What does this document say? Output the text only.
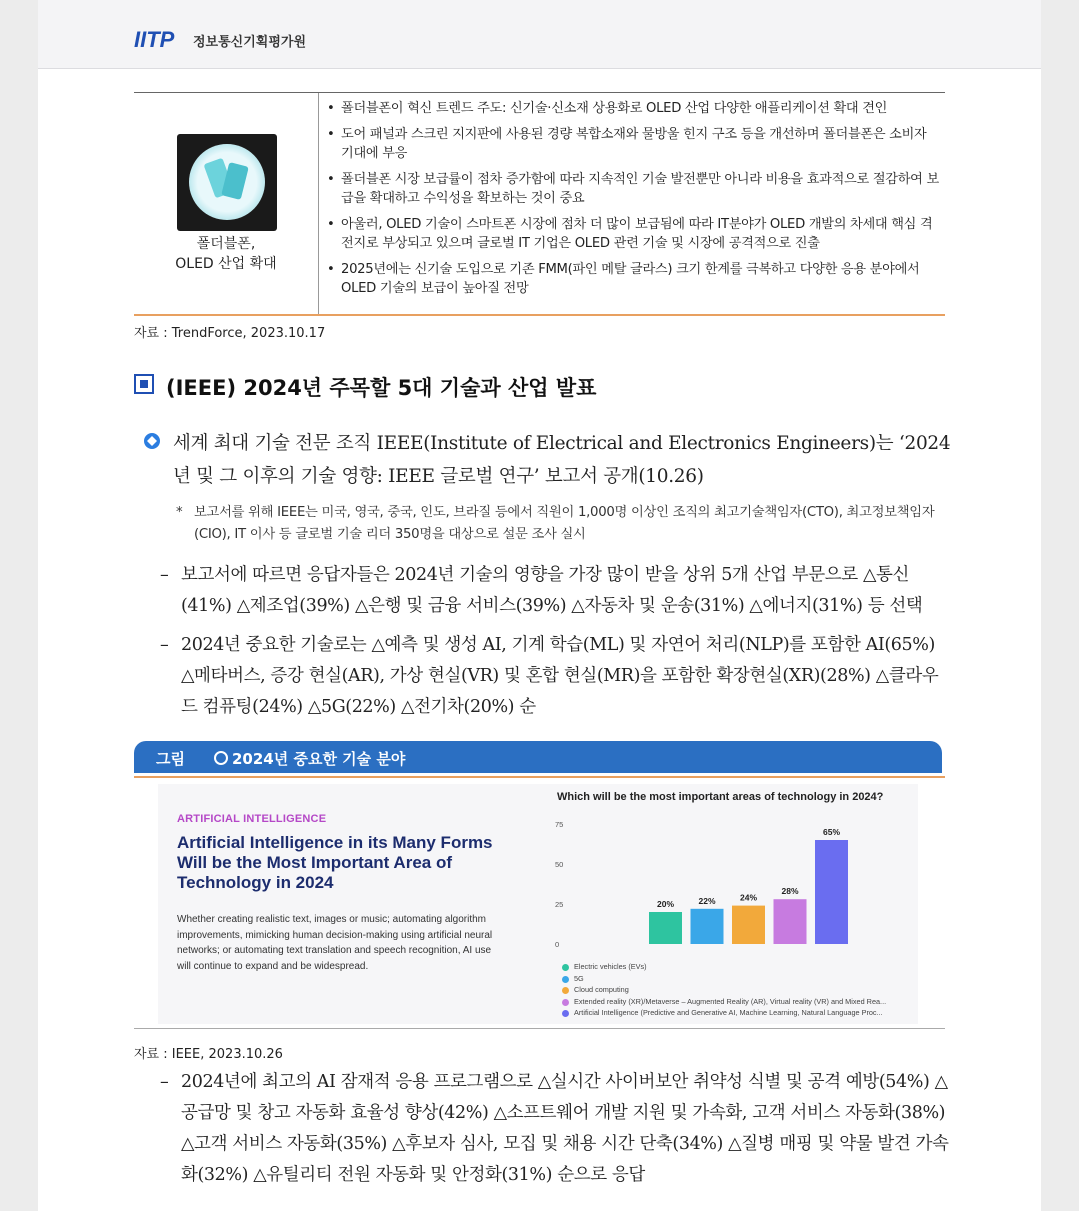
IITP 정보통신기획평가원
폴더블폰,
OLED 산업 확대
• 폴더블폰이 혁신 트렌드 주도: 신기술·신소재 상용화로 OLED 산업 다양한 애플리케이션 확대 견인
• 도어 패널과 스크린 지지판에 사용된 경량 복합소재와 물방울 힌지 구조 등을 개선하며 폴더블폰은 소비자 기대에 부응
• 폴더블폰 시장 보급률이 점차 증가함에 따라 지속적인 기술 발전뿐만 아니라 비용을 효과적으로 절감하여 보급을 확대하고 수익성을 확보하는 것이 중요
• 아울러, OLED 기술이 스마트폰 시장에 점차 더 많이 보급됨에 따라 IT분야가 OLED 개발의 차세대 핵심 격전지로 부상되고 있으며 글로벌 IT 기업은 OLED 관련 기술 및 시장에 공격적으로 진출
• 2025년에는 신기술 도입으로 기존 FMM(파인 메탈 글라스) 크기 한계를 극복하고 다양한 응용 분야에서 OLED 기술의 보급이 높아질 전망
자료 : TrendForce, 2023.10.17
(IEEE) 2024년 주목할 5대 기술과 산업 발표
세계 최대 기술 전문 조직 IEEE(Institute of Electrical and Electronics Engineers)는 ‘2024년 및 그 이후의 기술 영향: IEEE 글로벌 연구’ 보고서 공개(10.26)
* 보고서를 위해 IEEE는 미국, 영국, 중국, 인도, 브라질 등에서 직원이 1,000명 이상인 조직의 최고기술책임자(CTO), 최고정보책임자(CIO), IT 이사 등 글로벌 기술 리더 350명을 대상으로 설문 조사 실시
– 보고서에 따르면 응답자들은 2024년 기술의 영향을 가장 많이 받을 상위 5개 산업 부문으로 △통신(41%) △제조업(39%) △은행 및 금융 서비스(39%) △자동차 및 운송(31%) △에너지(31%) 등 선택
– 2024년 중요한 기술로는 △예측 및 생성 AI, 기계 학습(ML) 및 자연어 처리(NLP)를 포함한 AI(65%) △메타버스, 증강 현실(AR), 가상 현실(VR) 및 혼합 현실(MR)을 포함한 확장현실(XR)(28%) △클라우드 컴퓨팅(24%) △5G(22%) △전기차(20%) 순
그림	2024년 중요한 기술 분야
ARTIFICIAL INTELLIGENCE
Artificial Intelligence in its Many Forms Will be the Most Important Area of Technology in 2024
Whether creating realistic text, images or music; automating algorithm improvements, mimicking human decision-making using artificial neural networks; or automating text translation and speech recognition, AI use will continue to expand and be widespread.
Which will be the most important areas of technology in 2024?
0
25
50
75
20%	22%	24%
28%
65%
Electric vehicles (EVs)
5G
Cloud computing
Extended reality (XR)/Metaverse – Augmented Reality (AR), Virtual reality (VR) and Mixed Rea...
Artificial Intelligence (Predictive and Generative AI, Machine Learning, Natural Language Proc...
자료 : IEEE, 2023.10.26
– 2024년에 최고의 AI 잠재적 응용 프로그램으로 △실시간 사이버보안 취약성 식별 및 공격 예방(54%) △공급망 및 창고 자동화 효율성 향상(42%) △소프트웨어 개발 지원 및 가속화, 고객 서비스 자동화(38%) △고객 서비스 자동화(35%) △후보자 심사, 모집 및 채용 시간 단축(34%) △질병 매핑 및 약물 발견 가속화(32%) △유틸리티 전원 자동화 및 안정화(31%) 순으로 응답
